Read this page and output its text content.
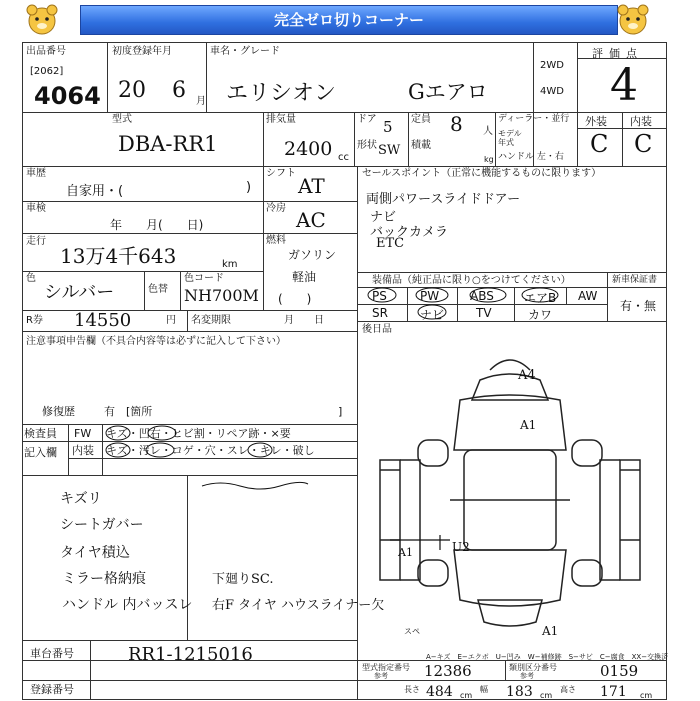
完全ゼロ切りコーナー
出品番号
[2062]
4064
初度登録年月
20 6 月
車名・グレード
エリシオン	Gエアロ
2WD
4WD
評価点
4
型式
DBA-RR1
排気量
2400 cc
ドア 5
形状 SW
定員 8 人
積載
kg
ディーラー・並行
モデル年式
ハンドル 左・右
外装 内装
C C
車歴
自家用・(	)
シフト
AT
車検
年　　月(　　日)
冷房 AC
走行
13万4千643	km
燃料
ガソリン
軽油
(　　)
色
シルバー	色替
色コード
NH700M
R券 14550	円 名変期限	月　　日
セールスポイント（正常に機能するものに限ります）
両側パワースライドドアー
ナビ
バックカメラ
ETC
装備品（純正品に限り○をつけてください）	新車保証書
有・無
PS	PW	ABS	エアB AW
SR	ナビ	TV	カワ
後日品
注意事項申告欄（不具合内容等は必ずに記入して下さい）
修復歴	有　[箇所	]
検査員
記入欄
FW キズ・凹右・ヒビ割・リペア跡・×要
内装 キズ・汚レ・コゲ・穴・スレ・キレ・破し
キズリ
シートガバー
タイヤ積込
ミラー格納痕
ハンドル 内バッスレ
下廻りSC.
右F タイヤ ハウスライナー欠
A4
A1
A1	U2
A1
スペ
A−キズ　E−エクボ　U−凹み　W−補修跡　S−サビ　C−腐食　XX−交換済
車台番号	RR1-1215016
登録番号
型式指定番号
参考 12386	類別区分番号
参考	0159
長さ 484 cm
幅 183 cm
高さ 171 cm
